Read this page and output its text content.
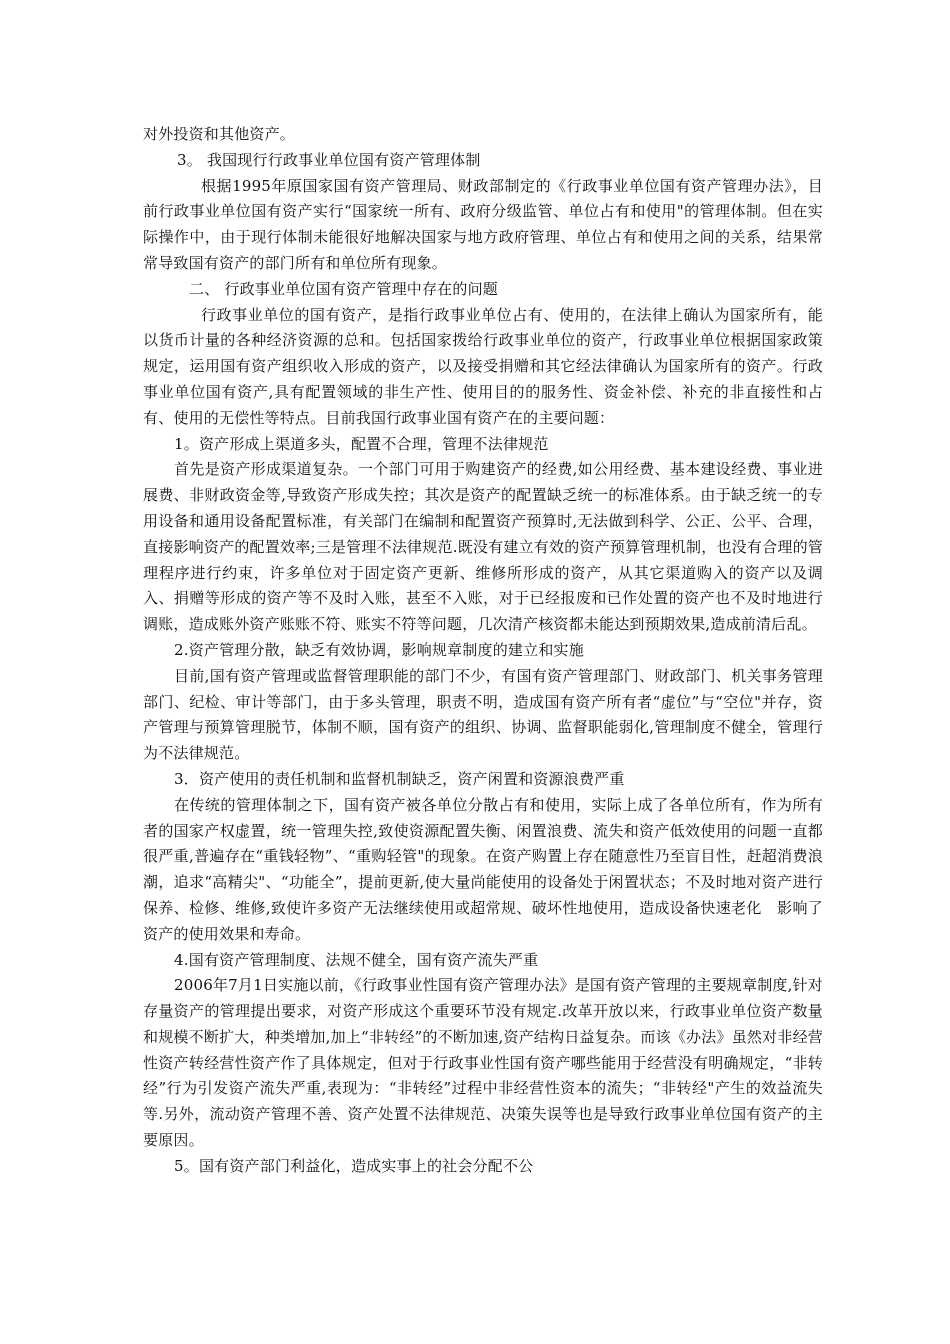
对外投资和其他资产。

3。 我国现行行政事业单位国有资产管理体制

根据1995年原国家国有资产管理局、财政部制定的《行政事业单位国有资产管理办法》，目前行政事业单位国有资产实行“国家统一所有、政府分级监管、单位占有和使用"的管理体制。但在实际操作中，由于现行体制未能很好地解决国家与地方政府管理、单位占有和使用之间的关系，结果常常导致国有资产的部门所有和单位所有现象。

二、 行政事业单位国有资产管理中存在的问题

行政事业单位的国有资产，是指行政事业单位占有、使用的，在法律上确认为国家所有，能以货币计量的各种经济资源的总和。包括国家拨给行政事业单位的资产，行政事业单位根据国家政策规定，运用国有资产组织收入形成的资产，以及接受捐赠和其它经法律确认为国家所有的资产。行政事业单位国有资产,具有配置领域的非生产性、使用目的的服务性、资金补偿、补充的非直接性和占有、使用的无偿性等特点。目前我国行政事业国有资产在的主要问题：

1。资产形成上渠道多头，配置不合理，管理不法律规范

首先是资产形成渠道复杂。一个部门可用于购建资产的经费,如公用经费、基本建设经费、事业进展费、非财政资金等,导致资产形成失控；其次是资产的配置缺乏统一的标准体系。由于缺乏统一的专用设备和通用设备配置标准，有关部门在编制和配置资产预算时,无法做到科学、公正、公平、合理，直接影响资产的配置效率;三是管理不法律规范.既没有建立有效的资产预算管理机制，也没有合理的管理程序进行约束，许多单位对于固定资产更新、维修所形成的资产，从其它渠道购入的资产以及调入、捐赠等形成的资产等不及时入账，甚至不入账，对于已经报废和已作处置的资产也不及时地进行调账，造成账外资产账账不符、账实不符等问题，几次清产核资都未能达到预期效果,造成前清后乱。

2.资产管理分散，缺乏有效协调，影响规章制度的建立和实施

目前,国有资产管理或监督管理职能的部门不少，有国有资产管理部门、财政部门、机关事务管理部门、纪检、审计等部门，由于多头管理，职责不明，造成国有资产所有者“虚位”与“空位"并存，资产管理与预算管理脱节，体制不顺，国有资产的组织、协调、监督职能弱化,管理制度不健全，管理行为不法律规范。

3．资产使用的责任机制和监督机制缺乏，资产闲置和资源浪费严重

在传统的管理体制之下，国有资产被各单位分散占有和使用，实际上成了各单位所有，作为所有者的国家产权虚置，统一管理失控,致使资源配置失衡、闲置浪费、流失和资产低效使用的问题一直都很严重,普遍存在“重钱轻物”、“重购轻管"的现象。在资产购置上存在随意性乃至盲目性，赶超消费浪潮，追求“高精尖"、“功能全”，提前更新,使大量尚能使用的设备处于闲置状态；不及时地对资产进行保养、检修、维修,致使许多资产无法继续使用或超常规、破坏性地使用，造成设备快速老化　影响了资产的使用效果和寿命。

4.国有资产管理制度、法规不健全，国有资产流失严重

2006年7月1日实施以前，《行政事业性国有资产管理办法》是国有资产管理的主要规章制度,针对存量资产的管理提出要求，对资产形成这个重要环节没有规定.改革开放以来，行政事业单位资产数量和规模不断扩大，种类增加,加上“非转经”的不断加速,资产结构日益复杂。而该《办法》虽然对非经营性资产转经营性资产作了具体规定，但对于行政事业性国有资产哪些能用于经营没有明确规定，“非转经”行为引发资产流失严重,表现为：“非转经”过程中非经营性资本的流失；“非转经"产生的效益流失等.另外，流动资产管理不善、资产处置不法律规范、决策失误等也是导致行政事业单位国有资产的主要原因。

5。国有资产部门利益化，造成实事上的社会分配不公
